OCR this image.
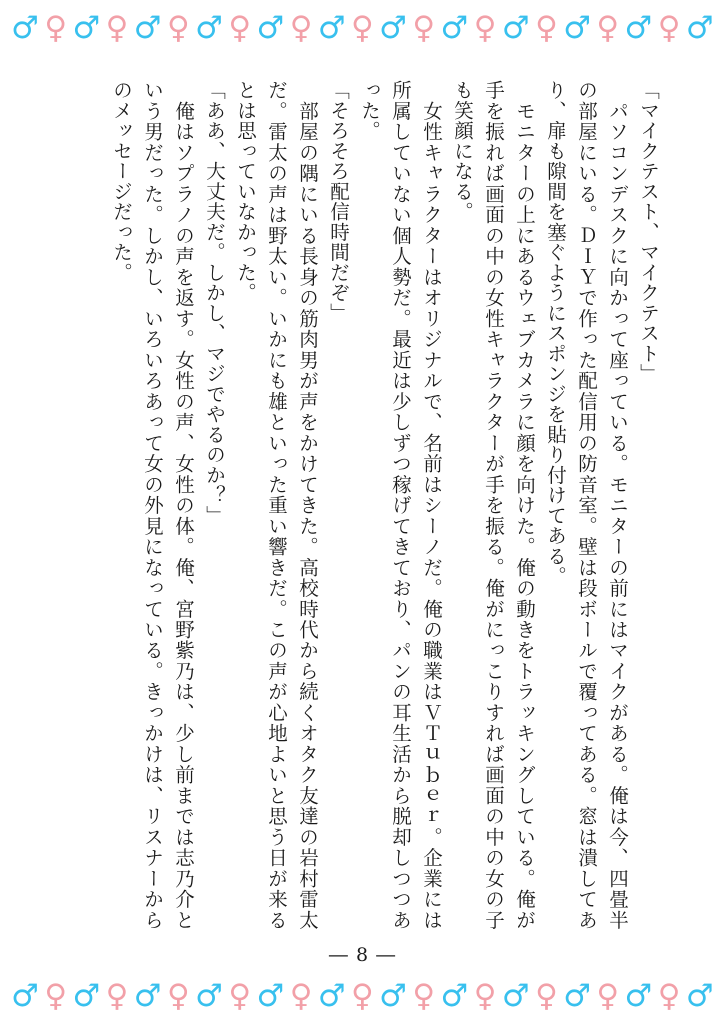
♂ ♀ ♂ ♀ ♂ ♀ ♂ ♀ ♂ ♀ ♂ ♀ ♂ ♀ ♂ ♀ ♂ ♀ ♂ ♀ ♂ ♀ ♂

「マイクテスト、マイクテスト」

　パソコンデスクに向かって座っている。モニターの前にはマイクがある。俺は今、四畳半の部屋にいる。ＤＩＹで作った配信用の防音室。壁は段ボールで覆ってある。窓は潰してあり、扉も隙間を塞ぐようにスポンジを貼り付けてある。

　モニターの上にあるウェブカメラに顔を向けた。俺の動きをトラッキングしている。俺が手を振れば画面の中の女性キャラクターが手を振る。俺がにっこりすれば画面の中の女の子も笑顔になる。

　女性キャラクターはオリジナルで、名前はシーノだ。俺の職業はＶＴｕｂｅｒ。企業には所属していない個人勢だ。最近は少しずつ稼げてきており、パンの耳生活から脱却しつつあった。

「そろそろ配信時間だぞ」

　部屋の隅にいる長身の筋肉男が声をかけてきた。高校時代から続くオタク友達の岩村雷太だ。雷太の声は野太い。いかにも雄といった重い響きだ。この声が心地よいと思う日が来るとは思っていなかった。

「ああ、大丈夫だ。しかし、マジでやるのか？」

　俺はソプラノの声を返す。女性の声、女性の体。俺、宮野紫乃は、少し前までは志乃介という男だった。しかし、いろいろあって女の外見になっている。きっかけは、リスナーからのメッセージだった。

― 8 ―
♂ ♀ ♂ ♀ ♂ ♀ ♂ ♀ ♂ ♀ ♂ ♀ ♂ ♀ ♂ ♀ ♂ ♀ ♂ ♀ ♂ ♀ ♂
